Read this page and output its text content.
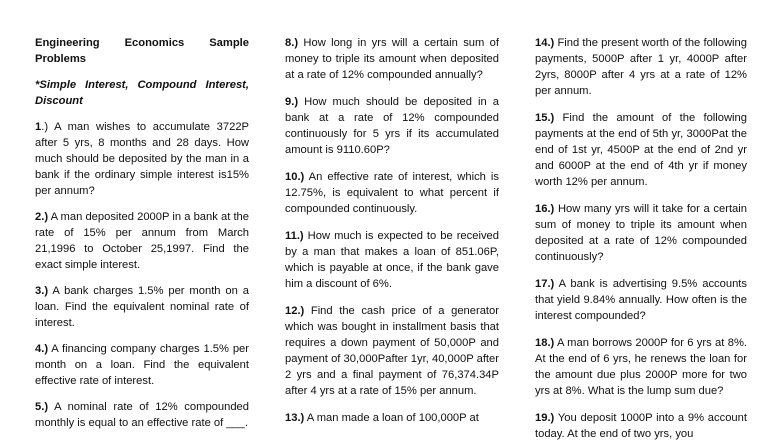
Engineering Economics Sample Problems
*Simple Interest, Compound Interest, Discount
1.) A man wishes to accumulate 3722P after 5 yrs, 8 months and 28 days. How much should be deposited by the man in a bank if the ordinary simple interest is15% per annum?
2.) A man deposited 2000P in a bank at the rate of 15% per annum from March 21,1996 to October 25,1997. Find the exact simple interest.
3.) A bank charges 1.5% per month on a loan. Find the equivalent nominal rate of interest.
4.) A financing company charges 1.5% per month on a loan. Find the equivalent effective rate of interest.
5.) A nominal rate of 12% compounded monthly is equal to an effective rate of ___.
8.) How long in yrs will a certain sum of money to triple its amount when deposited at a rate of 12% compounded annually?
9.) How much should be deposited in a bank at a rate of 12% compounded continuously for 5 yrs if its accumulated amount is 9110.60P?
10.) An effective rate of interest, which is 12.75%, is equivalent to what percent if compounded continuously.
11.) How much is expected to be received by a man that makes a loan of 851.06P, which is payable at once, if the bank gave him a discount of 6%.
12.) Find the cash price of a generator which was bought in installment basis that requires a down payment of 50,000P and payment of 30,000Pafter 1yr, 40,000P after 2 yrs and a final payment of 76,374.34P after 4 yrs at a rate of 15% per annum.
13.) A man made a loan of 100,000P at
14.) Find the present worth of the following payments, 5000P after 1 yr, 4000P after 2yrs, 8000P after 4 yrs at a rate of 12% per annum.
15.) Find the amount of the following payments at the end of 5th yr, 3000Pat the end of 1st yr, 4500P at the end of 2nd yr and 6000P at the end of 4th yr if money worth 12% per annum.
16.) How many yrs will it take for a certain sum of money to triple its amount when deposited at a rate of 12% compounded continuously?
17.) A bank is advertising 9.5% accounts that yield 9.84% annually. How often is the interest compounded?
18.) A man borrows 2000P for 6 yrs at 8%. At the end of 6 yrs, he renews the loan for the amount due plus 2000P more for two yrs at 8%. What is the lump sum due?
19.) You deposit 1000P into a 9% account today. At the end of two yrs, you
